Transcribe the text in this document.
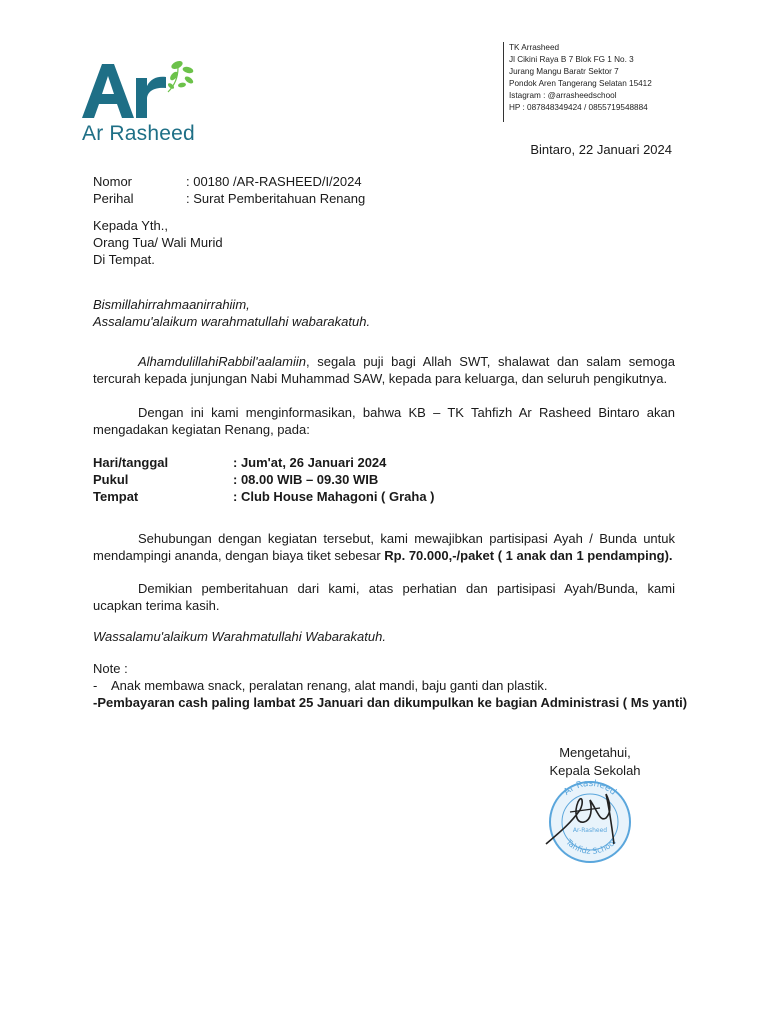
Ar Rasheed
TK Arrasheed
Jl Cikini Raya B 7 Blok FG 1 No. 3
Jurang Mangu Baratr Sektor 7
Pondok Aren Tangerang Selatan 15412
Istagram : @arrasheedschool
HP : 087848349424 / 0855719548884
Bintaro, 22 Januari 2024
Nomor	: 00180 /AR-RASHEED/I/2024
Perihal	: Surat Pemberitahuan Renang
Kepada Yth.,
Orang Tua/ Wali Murid
Di Tempat.
Bismillahirrahmaanirrahiim,
Assalamu'alaikum warahmatullahi wabarakatuh.
AlhamdulillahiRabbil'aalamiin, segala puji bagi Allah SWT, shalawat dan salam semoga tercurah kepada junjungan Nabi Muhammad SAW, kepada para keluarga, dan seluruh pengikutnya.
Dengan ini kami menginformasikan, bahwa KB – TK Tahfizh Ar Rasheed Bintaro akan mengadakan kegiatan Renang, pada:
Hari/tanggal	: Jum'at, 26 Januari 2024
Pukul	: 08.00 WIB – 09.30 WIB
Tempat	: Club House Mahagoni ( Graha )
Sehubungan dengan kegiatan tersebut, kami mewajibkan partisipasi Ayah / Bunda untuk mendampingi ananda, dengan biaya tiket sebesar Rp. 70.000,-/paket ( 1 anak dan 1 pendamping).
Demikian pemberitahuan dari kami, atas perhatian dan partisipasi Ayah/Bunda, kami ucapkan terima kasih.
Wassalamu'alaikum Warahmatullahi Wabarakatuh.
Note :
-	Anak membawa snack, peralatan renang, alat mandi, baju ganti dan plastik.
- Pembayaran cash paling lambat 25 Januari dan dikumpulkan ke bagian Administrasi ( Ms yanti)
Mengetahui,
Kepala Sekolah
Ar Rasheed
Ar-Rasheed
Tahfidz School
